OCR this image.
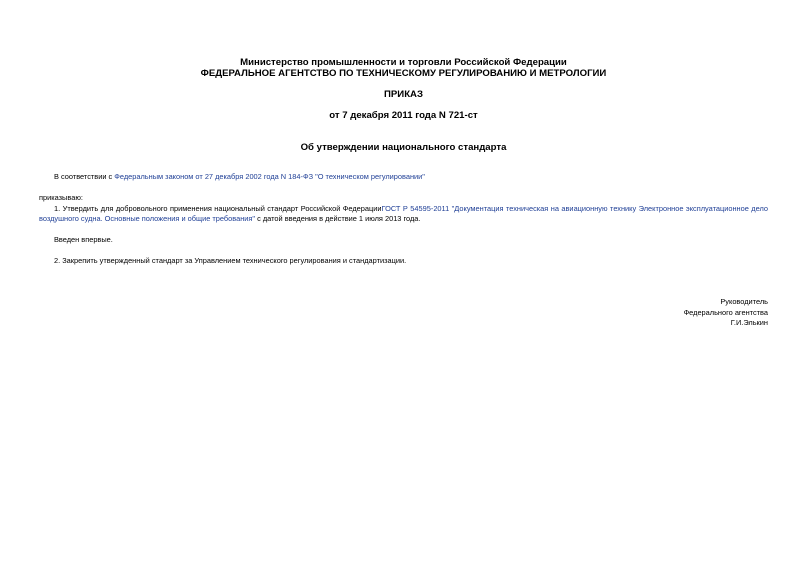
Министерство промышленности и торговли Российской Федерации
ФЕДЕРАЛЬНОЕ АГЕНТСТВО ПО ТЕХНИЧЕСКОМУ РЕГУЛИРОВАНИЮ И МЕТРОЛОГИИ
ПРИКАЗ
от 7 декабря 2011 года N 721-ст
Об утверждении национального стандарта
В соответствии с Федеральным законом от 27 декабря 2002 года N 184-ФЗ "О техническом регулировании"
приказываю:
1. Утвердить для добровольного применения национальный стандарт Российской ФедерацииГОСТ Р 54595-2011 "Документация техническая на авиационную технику Электронное эксплуатационное дело
воздушного судна. Основные положения и общие требования" с датой введения в действие 1 июля 2013 года.
Введен впервые.
2. Закрепить утвержденный стандарт за Управлением технического регулирования и стандартизации.
Руководитель
Федерального агентства
Г.И.Элькин
